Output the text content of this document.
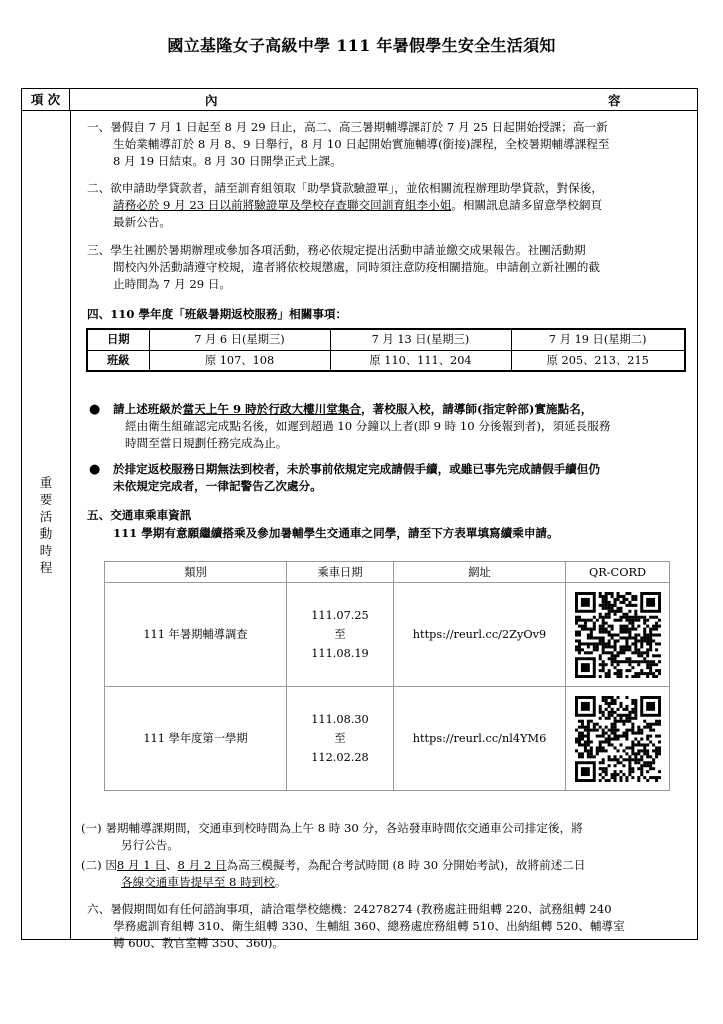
國立基隆女子高級中學 111 年暑假學生安全生活須知
項 次	內	容
重
要
活
動
時
程
一、暑假自 7 月 1 日起至 8 月 29 日止，高二、高三暑期輔導課訂於 7 月 25 日起開始授課；高一新
生始業輔導訂於 8 月 8、9 日舉行，8 月 10 日起開始實施輔導(銜接)課程，全校暑期輔導課程至
8 月 19 日結束。8 月 30 日開學正式上課。
二、欲申請助學貸款者，請至訓育組領取「助學貸款驗證單」，並依相關流程辦理助學貸款，對保後，
請務必於 9 月 23 日以前將驗證單及學校存查聯交回訓育組李小姐。相關訊息請多留意學校網頁
最新公告。
三、學生社團於暑期辦理或參加各項活動，務必依規定提出活動申請並繳交成果報告。社團活動期
間校內外活動請遵守校規，違者將依校規懲處，同時須注意防疫相關措施。申請創立新社團的截
止時間為 7 月 29 日。
四、110 學年度「班級暑期返校服務」相關事項：
日期	7 月 6 日(星期三)	7 月 13 日(星期三)	7 月 19 日(星期二)
班級	原 107、108	原 110、111、204	原 205、213、215
● 請上述班級於當天上午 9 時於行政大樓川堂集合，著校服入校，請導師(指定幹部)實施點名，
經由衛生組確認完成點名後，如遲到超過 10 分鐘以上者(即 9 時 10 分後報到者)，須延長服務
時間至當日規劃任務完成為止。
● 於排定返校服務日期無法到校者，未於事前依規定完成請假手續，或雖已事先完成請假手續但仍
未依規定完成者，一律記警告乙次處分。
五、交通車乘車資訊
111 學期有意願繼續搭乘及參加暑輔學生交通車之同學，請至下方表單填寫續乘申請。
類別	乘車日期	網址	QR-CORD
111 年暑期輔導調查	111.07.25
至
111.08.19	https://reurl.cc/2ZyOv9	

111 學年度第一學期	111.08.30
至
112.02.28	https://reurl.cc/nl4YM6	
(一) 暑期輔導課期間，交通車到校時間為上午 8 時 30 分，各站發車時間依交通車公司排定後，將
另行公告。
(二) 因8 月 1 日、8 月 2 日為高三模擬考，為配合考試時間 (8 時 30 分開始考試)，故將前述二日
各線交通車皆提早至 8 時到校。
六、暑假期間如有任何諮詢事項，請洽電學校總機：24278274 (教務處註冊組轉 220、試務組轉 240
學務處訓育組轉 310、衛生組轉 330、生輔組 360、總務處庶務組轉 510、出納組轉 520、輔導室
轉 600、教官室轉 350、360)。
